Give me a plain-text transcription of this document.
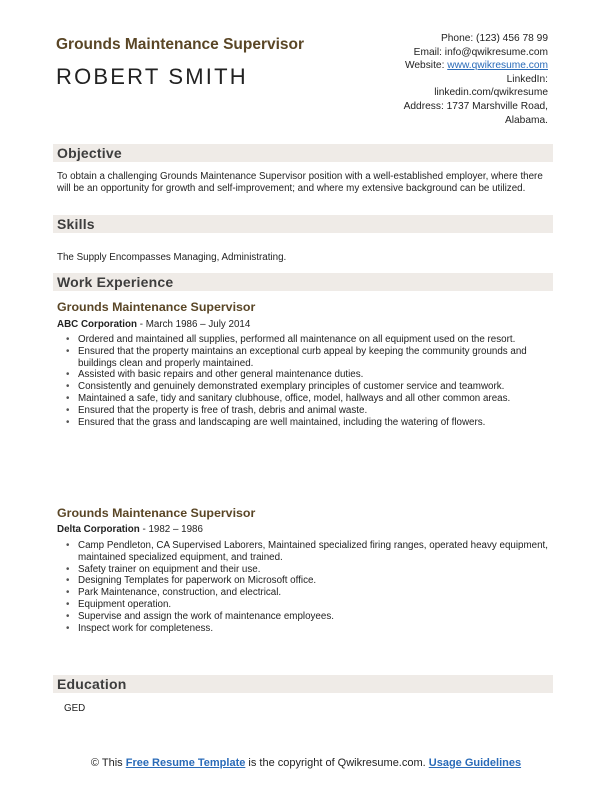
Grounds Maintenance Supervisor
ROBERT SMITH
Phone: (123) 456 78 99
Email: info@qwikresume.com
Website: www.qwikresume.com
LinkedIn:
linkedin.com/qwikresume
Address: 1737 Marshville Road,
Alabama.
Objective
To obtain a challenging Grounds Maintenance Supervisor position with a well-established employer, where there will be an opportunity for growth and self-improvement; and where my extensive background can be utilized.
Skills
The Supply Encompasses Managing, Administrating.
Work Experience
Grounds Maintenance Supervisor
ABC Corporation - March 1986 – July 2014
• Ordered and maintained all supplies, performed all maintenance on all equipment used on the resort.
• Ensured that the property maintains an exceptional curb appeal by keeping the community grounds and buildings clean and properly maintained.
• Assisted with basic repairs and other general maintenance duties.
• Consistently and genuinely demonstrated exemplary principles of customer service and teamwork.
• Maintained a safe, tidy and sanitary clubhouse, office, model, hallways and all other common areas.
• Ensured that the property is free of trash, debris and animal waste.
• Ensured that the grass and landscaping are well maintained, including the watering of flowers.
Grounds Maintenance Supervisor
Delta Corporation - 1982 – 1986
• Camp Pendleton, CA Supervised Laborers, Maintained specialized firing ranges, operated heavy equipment, maintained specialized equipment, and trained.
• Safety trainer on equipment and their use.
• Designing Templates for paperwork on Microsoft office.
• Park Maintenance, construction, and electrical.
• Equipment operation.
• Supervise and assign the work of maintenance employees.
• Inspect work for completeness.
Education
GED
© This Free Resume Template is the copyright of Qwikresume.com. Usage Guidelines
